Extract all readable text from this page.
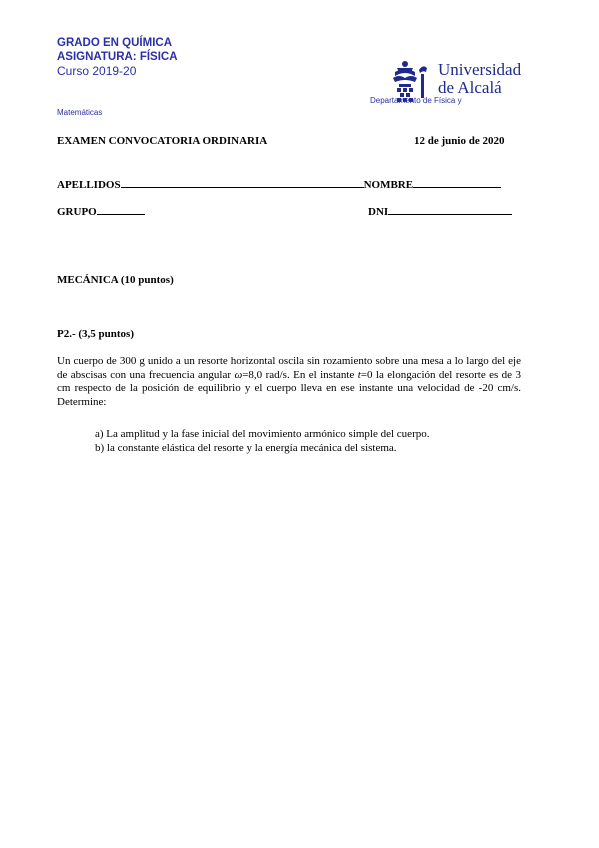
GRADO EN QUÍMICA
ASIGNATURA: FÍSICA
Curso 2019-20
Matemáticas
Universidad
de Alcalá
Departamento de Física y
EXAMEN CONVOCATORIA ORDINARIA	12 de junio de 2020
APELLIDOS	NOMBRE
GRUPO	DNI
MECÁNICA (10 puntos)
P2.- (3,5 puntos)
Un cuerpo de 300 g unido a un resorte horizontal oscila sin rozamiento sobre una mesa a lo largo del eje de abscisas con una frecuencia angular ω=8,0 rad/s. En el instante t=0 la elongación del resorte es de 3 cm respecto de la posición de equilibrio y el cuerpo lleva en ese instante una velocidad de -20 cm/s. Determine:
a) La amplitud y la fase inicial del movimiento armónico simple del cuerpo.
b) la constante elástica del resorte y la energía mecánica del sistema.
